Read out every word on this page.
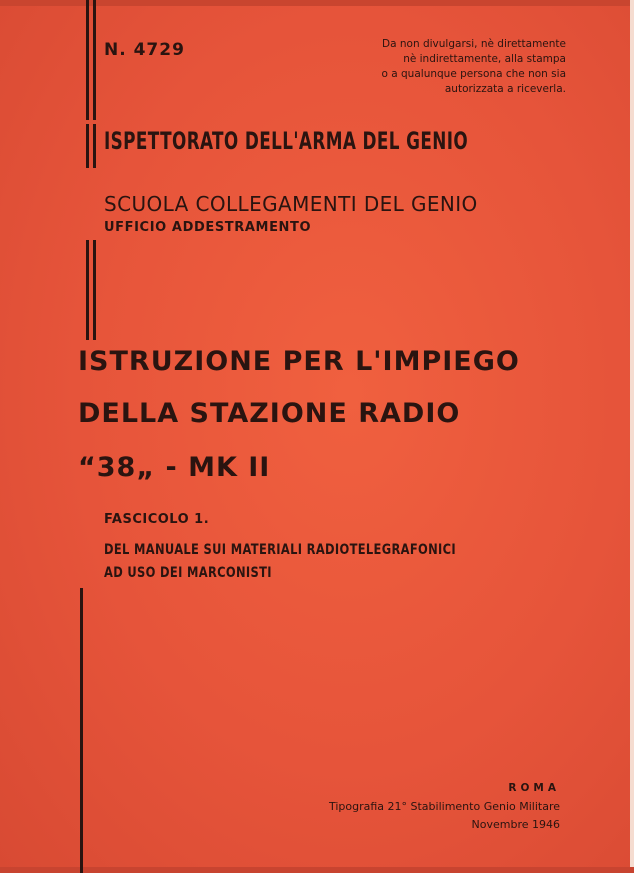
N. 4729	Da non divulgarsi, nè direttamente
nè indirettamente, alla stampa
o a qualunque persona che non sia
autorizzata a riceverla.
ISPETTORATO DELL'ARMA DEL GENIO
SCUOLA COLLEGAMENTI DEL GENIO
UFFICIO ADDESTRAMENTO
ISTRUZIONE PER L'IMPIEGO
DELLA STAZIONE RADIO
“38„ - MK II
FASCICOLO 1.
DEL MANUALE SUI MATERIALI RADIOTELEGRAFONICI
AD USO DEI MARCONISTI
ROMA
Tipografia 21° Stabilimento Genio Militare
Novembre 1946
